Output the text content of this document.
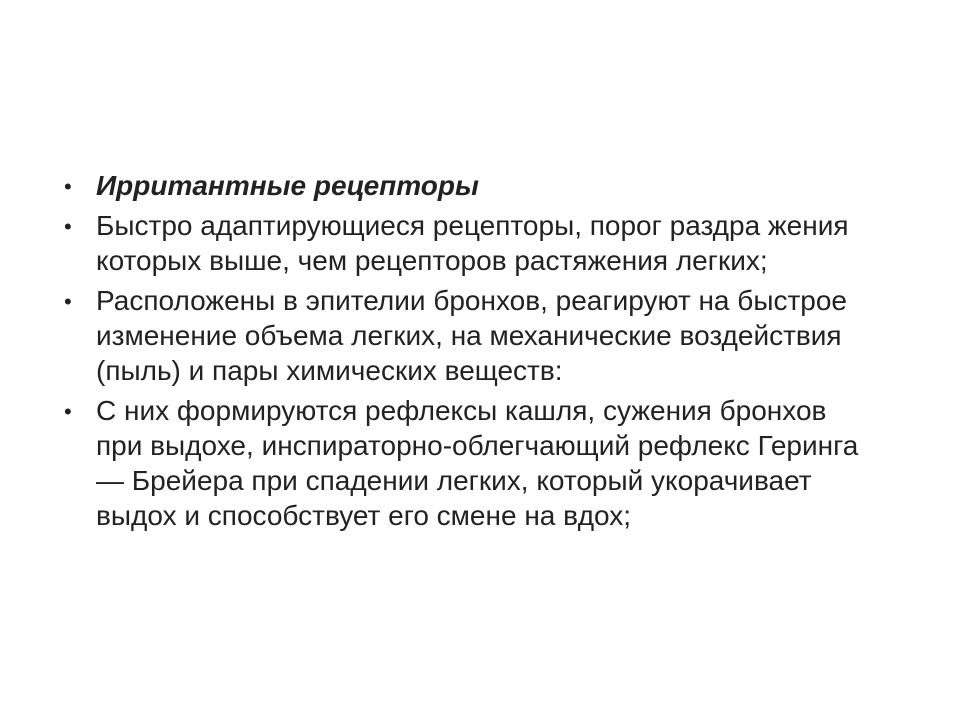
• Ирритантные рецепторы
• Быстро адаптирующиеся рецепторы, порог раздра жения которых выше, чем рецепторов растяжения легких;
• Расположены в эпителии бронхов, реагируют на быстрое изменение объема легких, на механические воздействия (пыль) и пары химических веществ:
• С них формируются рефлексы кашля, сужения бронхов при выдохе, инспираторно-облегчающий рефлекс Геринга — Брейера при спадении легких, который укорачивает выдох и способствует его смене на вдох;
